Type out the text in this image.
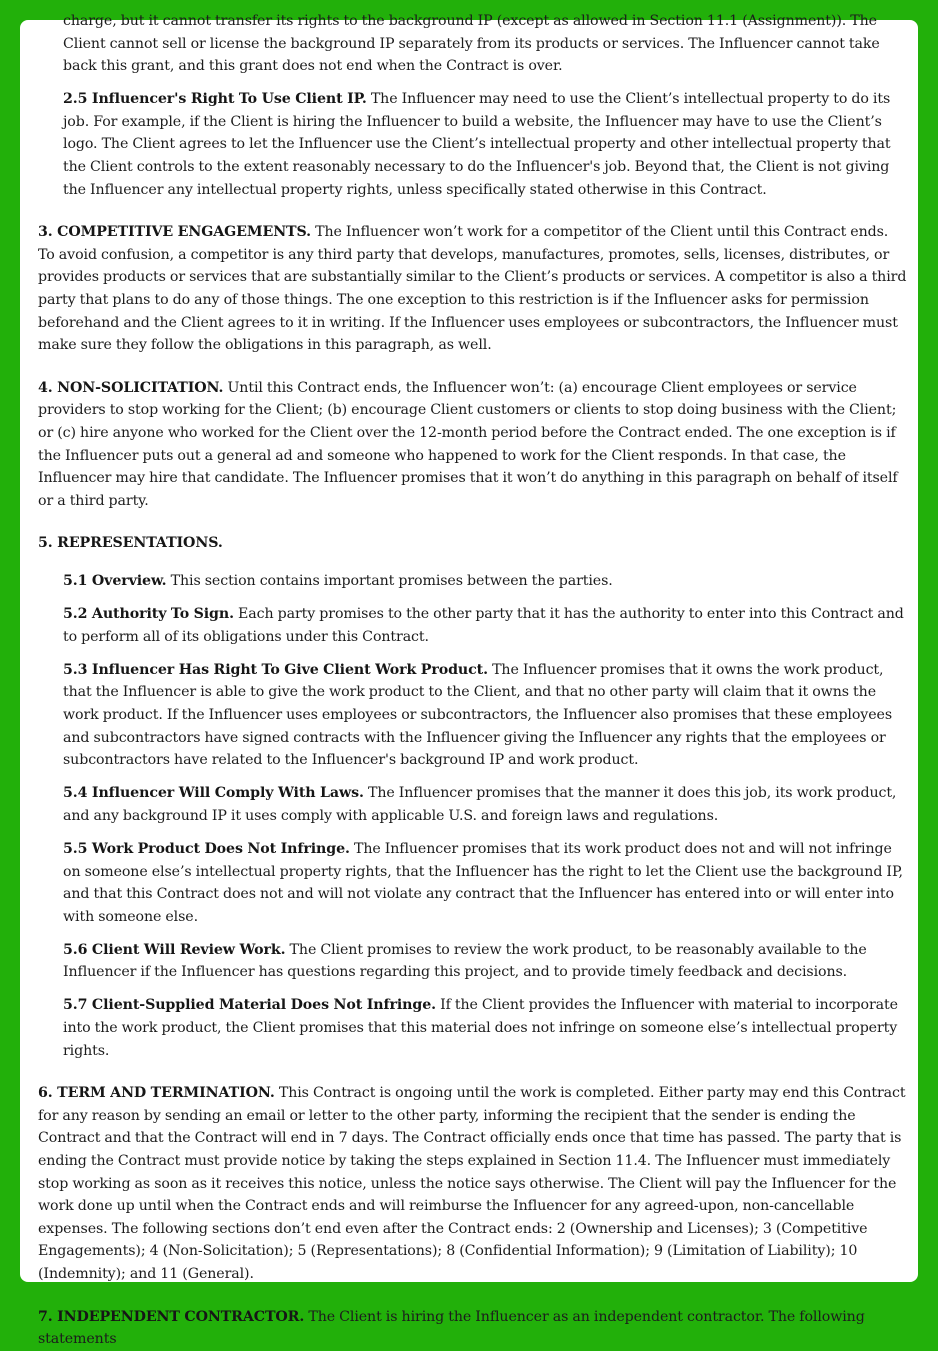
charge, but it cannot transfer its rights to the background IP (except as allowed in Section 11.1 (Assignment)). The Client cannot sell or license the background IP separately from its products or services. The Influencer cannot take back this grant, and this grant does not end when the Contract is over.

2.5 Influencer's Right To Use Client IP. The Influencer may need to use the Client’s intellectual property to do its job. For example, if the Client is hiring the Influencer to build a website, the Influencer may have to use the Client’s logo. The Client agrees to let the Influencer use the Client’s intellectual property and other intellectual property that the Client controls to the extent reasonably necessary to do the Influencer's job. Beyond that, the Client is not giving the Influencer any intellectual property rights, unless specifically stated otherwise in this Contract.

3. COMPETITIVE ENGAGEMENTS. The Influencer won’t work for a competitor of the Client until this Contract ends. To avoid confusion, a competitor is any third party that develops, manufactures, promotes, sells, licenses, distributes, or provides products or services that are substantially similar to the Client’s products or services. A competitor is also a third party that plans to do any of those things. The one exception to this restriction is if the Influencer asks for permission beforehand and the Client agrees to it in writing. If the Influencer uses employees or subcontractors, the Influencer must make sure they follow the obligations in this paragraph, as well.

4. NON-SOLICITATION. Until this Contract ends, the Influencer won’t: (a) encourage Client employees or service providers to stop working for the Client; (b) encourage Client customers or clients to stop doing business with the Client; or (c) hire anyone who worked for the Client over the 12-month period before the Contract ended. The one exception is if the Influencer puts out a general ad and someone who happened to work for the Client responds. In that case, the Influencer may hire that candidate. The Influencer promises that it won’t do anything in this paragraph on behalf of itself or a third party.

5. REPRESENTATIONS.

5.1 Overview. This section contains important promises between the parties.

5.2 Authority To Sign. Each party promises to the other party that it has the authority to enter into this Contract and to perform all of its obligations under this Contract.

5.3 Influencer Has Right To Give Client Work Product. The Influencer promises that it owns the work product, that the Influencer is able to give the work product to the Client, and that no other party will claim that it owns the work product. If the Influencer uses employees or subcontractors, the Influencer also promises that these employees and subcontractors have signed contracts with the Influencer giving the Influencer any rights that the employees or subcontractors have related to the Influencer's background IP and work product.

5.4 Influencer Will Comply With Laws. The Influencer promises that the manner it does this job, its work product, and any background IP it uses comply with applicable U.S. and foreign laws and regulations.

5.5 Work Product Does Not Infringe. The Influencer promises that its work product does not and will not infringe on someone else’s intellectual property rights, that the Influencer has the right to let the Client use the background IP, and that this Contract does not and will not violate any contract that the Influencer has entered into or will enter into with someone else.

5.6 Client Will Review Work. The Client promises to review the work product, to be reasonably available to the Influencer if the Influencer has questions regarding this project, and to provide timely feedback and decisions.

5.7 Client-Supplied Material Does Not Infringe. If the Client provides the Influencer with material to incorporate into the work product, the Client promises that this material does not infringe on someone else’s intellectual property rights.

6. TERM AND TERMINATION. This Contract is ongoing until the work is completed. Either party may end this Contract for any reason by sending an email or letter to the other party, informing the recipient that the sender is ending the Contract and that the Contract will end in 7 days. The Contract officially ends once that time has passed. The party that is ending the Contract must provide notice by taking the steps explained in Section 11.4. The Influencer must immediately stop working as soon as it receives this notice, unless the notice says otherwise. The Client will pay the Influencer for the work done up until when the Contract ends and will reimburse the Influencer for any agreed-upon, non-cancellable expenses. The following sections don’t end even after the Contract ends: 2 (Ownership and Licenses); 3 (Competitive Engagements); 4 (Non-Solicitation); 5 (Representations); 8 (Confidential Information); 9 (Limitation of Liability); 10 (Indemnity); and 11 (General).

7. INDEPENDENT CONTRACTOR. The Client is hiring the Influencer as an independent contractor. The following statements
